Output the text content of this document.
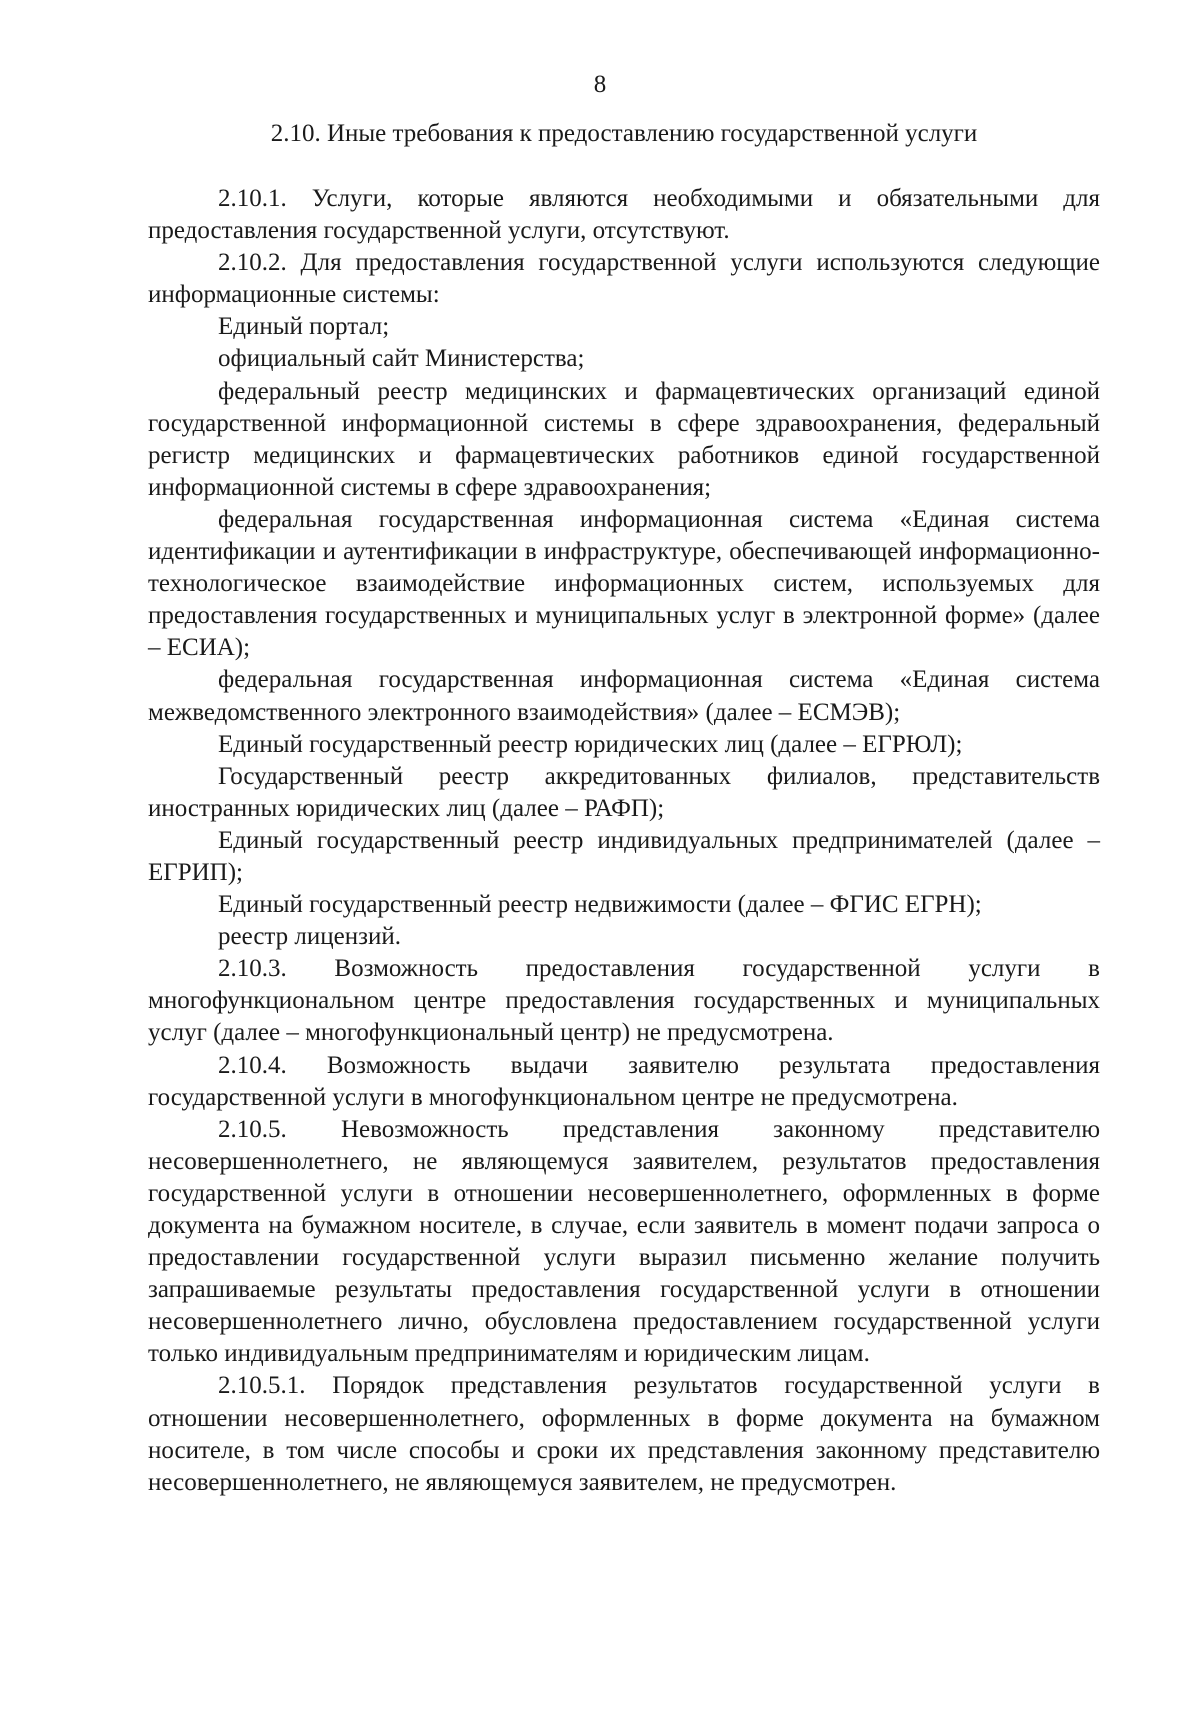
8
2.10. Иные требования к предоставлению государственной услуги

2.10.1. Услуги, которые являются необходимыми и обязательными для предоставления государственной услуги, отсутствуют.

2.10.2. Для предоставления государственной услуги используются следующие информационные системы:

Единый портал;

официальный сайт Министерства;

федеральный реестр медицинских и фармацевтических организаций единой государственной информационной системы в сфере здравоохранения, федеральный регистр медицинских и фармацевтических работников единой государственной информационной системы в сфере здравоохранения;

федеральная государственная информационная система «Единая система идентификации и аутентификации в инфраструктуре, обеспечивающей информационно-технологическое взаимодействие информационных систем, используемых для предоставления государственных и муниципальных услуг в электронной форме» (далее – ЕСИА);

федеральная государственная информационная система «Единая система межведомственного электронного взаимодействия» (далее – ЕСМЭВ);

Единый государственный реестр юридических лиц (далее – ЕГРЮЛ);

Государственный реестр аккредитованных филиалов, представительств иностранных юридических лиц (далее – РАФП);

Единый государственный реестр индивидуальных предпринимателей (далее – ЕГРИП);

Единый государственный реестр недвижимости (далее – ФГИС ЕГРН);

реестр лицензий.

2.10.3. Возможность предоставления государственной услуги в многофункциональном центре предоставления государственных и муниципальных услуг (далее – многофункциональный центр) не предусмотрена.

2.10.4. Возможность выдачи заявителю результата предоставления государственной услуги в многофункциональном центре не предусмотрена.

2.10.5. Невозможность представления законному представителю несовершеннолетнего, не являющемуся заявителем, результатов предоставления государственной услуги в отношении несовершеннолетнего, оформленных в форме документа на бумажном носителе, в случае, если заявитель в момент подачи запроса о предоставлении государственной услуги выразил письменно желание получить запрашиваемые результаты предоставления государственной услуги в отношении несовершеннолетнего лично, обусловлена предоставлением государственной услуги только индивидуальным предпринимателям и юридическим лицам.

2.10.5.1. Порядок представления результатов государственной услуги в отношении несовершеннолетнего, оформленных в форме документа на бумажном носителе, в том числе способы и сроки их представления законному представителю несовершеннолетнего, не являющемуся заявителем, не предусмотрен.
